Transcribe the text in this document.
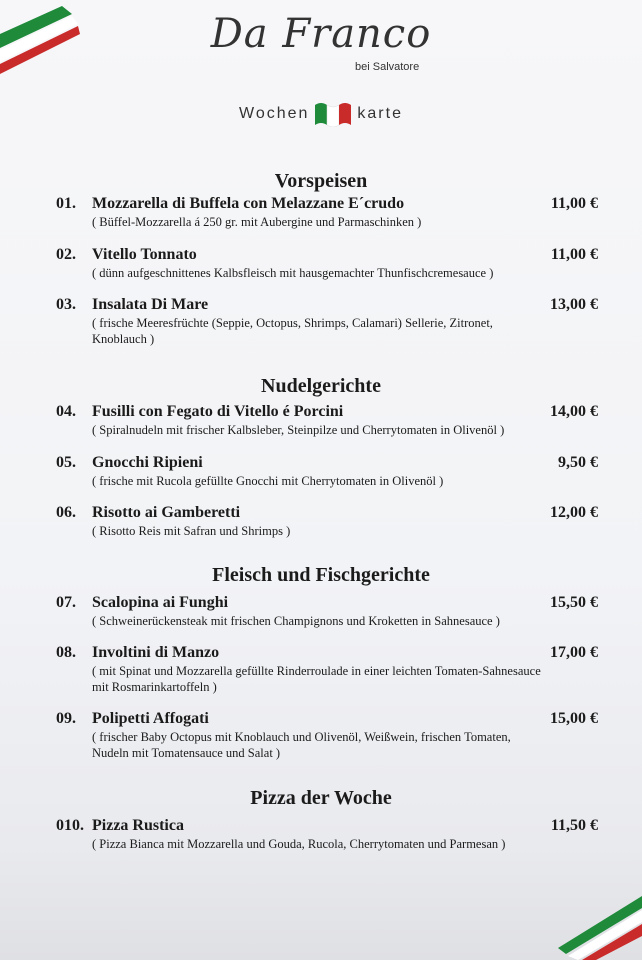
Da Franco
bei Salvatore
Wochen	karte
Vorspeisen
01.	Mozzarella di Buffela con Melazzane E´crudo	11,00 €
( Büffel-Mozzarella á 250 gr. mit Aubergine und Parmaschinken )
02.	Vitello Tonnato	11,00 €
( dünn aufgeschnittenes Kalbsfleisch mit hausgemachter Thunfischcremesauce )
03.	Insalata Di Mare	13,00 €
( frische Meeresfrüchte (Seppie, Octopus, Shrimps, Calamari) Sellerie, Zitronet, Knoblauch )
Nudelgerichte
04.	Fusilli con Fegato di Vitello é Porcini	14,00 €
( Spiralnudeln mit frischer Kalbsleber, Steinpilze und Cherrytomaten in Olivenöl )
05.	Gnocchi Ripieni	9,50 €
( frische mit Rucola gefüllte Gnocchi mit Cherrytomaten in Olivenöl )
06.	Risotto ai Gamberetti	12,00 €
( Risotto Reis mit Safran und Shrimps )
Fleisch und Fischgerichte
07.	Scalopina ai Funghi	15,50 €
( Schweinerückensteak mit frischen Champignons und Kroketten in Sahnesauce )
08.	Involtini di Manzo	17,00 €
( mit Spinat und Mozzarella gefüllte Rinderroulade in einer leichten Tomaten-Sahnesauce mit Rosmarinkartoffeln )
09.	Polipetti Affogati	15,00 €
( frischer Baby Octopus mit Knoblauch und Olivenöl, Weißwein, frischen Tomaten, Nudeln mit Tomatensauce und Salat )
Pizza der Woche
010. Pizza Rustica	11,50 €
( Pizza Bianca mit Mozzarella und Gouda, Rucola, Cherrytomaten und Parmesan )
